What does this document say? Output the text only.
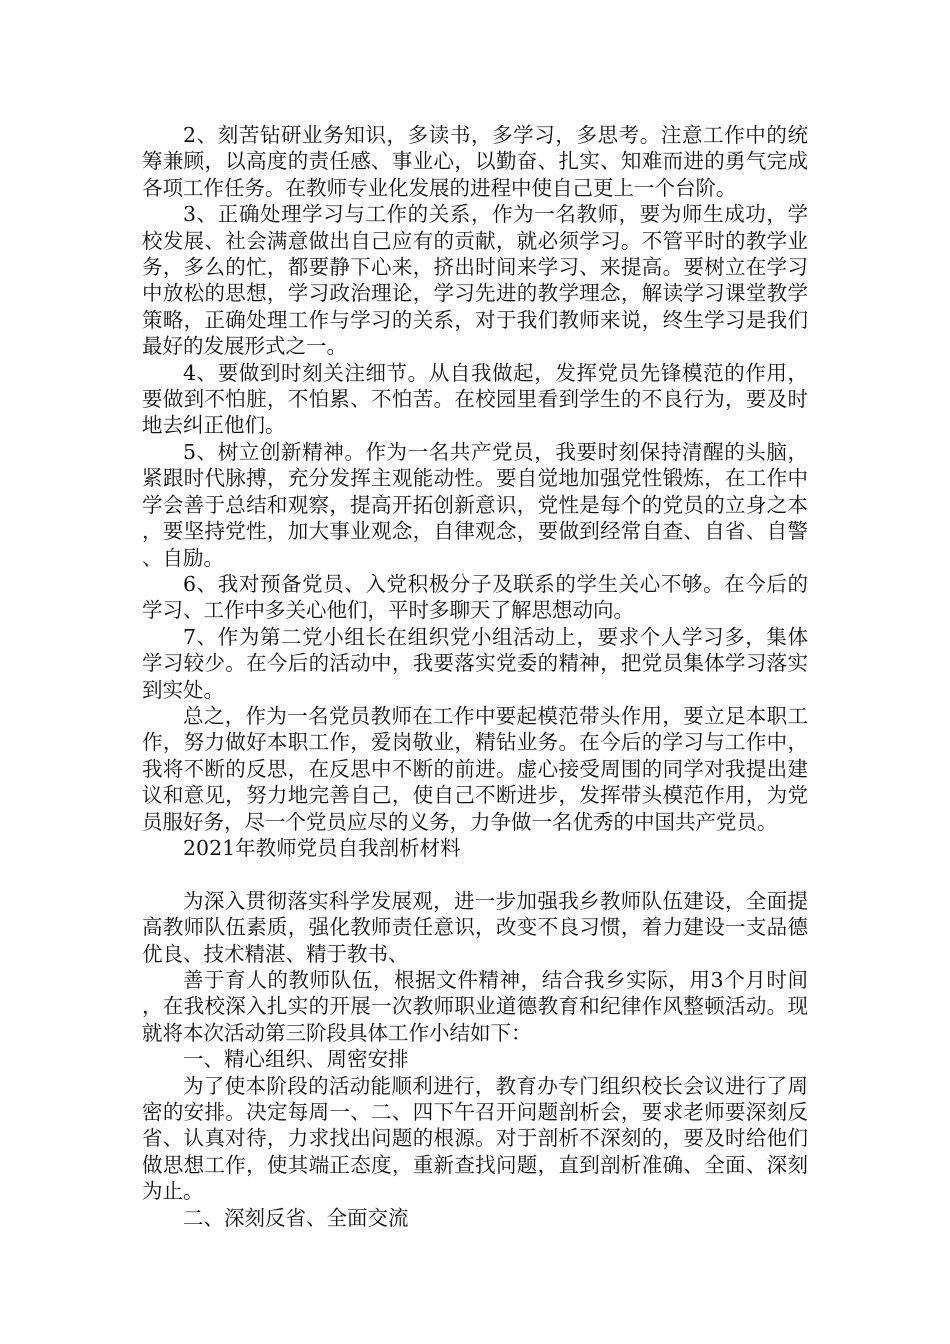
2、刻苦钻研业务知识，多读书，多学习，多思考。注意工作中的统筹兼顾，以高度的责任感、事业心，以勤奋、扎实、知难而进的勇气完成各项工作任务。在教师专业化发展的进程中使自己更上一个台阶。

3、正确处理学习与工作的关系，作为一名教师，要为师生成功，学校发展、社会满意做出自己应有的贡献，就必须学习。不管平时的教学业务，多么的忙，都要静下心来，挤出时间来学习、来提高。要树立在学习中放松的思想，学习政治理论，学习先进的教学理念，解读学习课堂教学策略，正确处理工作与学习的关系，对于我们教师来说，终生学习是我们最好的发展形式之一。

4、要做到时刻关注细节。从自我做起，发挥党员先锋模范的作用，要做到不怕脏，不怕累、不怕苦。在校园里看到学生的不良行为，要及时地去纠正他们。

5、树立创新精神。作为一名共产党员，我要时刻保持清醒的头脑，紧跟时代脉搏，充分发挥主观能动性。要自觉地加强党性锻炼，在工作中学会善于总结和观察，提高开拓创新意识，党性是每个的党员的立身之本，要坚持党性，加大事业观念，自律观念，要做到经常自查、自省、自警、自励。

6、我对预备党员、入党积极分子及联系的学生关心不够。在今后的学习、工作中多关心他们，平时多聊天了解思想动向。

7、作为第二党小组长在组织党小组活动上，要求个人学习多，集体学习较少。在今后的活动中，我要落实党委的精神，把党员集体学习落实到实处。

总之，作为一名党员教师在工作中要起模范带头作用，要立足本职工作，努力做好本职工作，爱岗敬业，精钻业务。在今后的学习与工作中，我将不断的反思，在反思中不断的前进。虚心接受周围的同学对我提出建议和意见，努力地完善自己，使自己不断进步，发挥带头模范作用，为党员服好务，尽一个党员应尽的义务，力争做一名优秀的中国共产党员。

2021年教师党员自我剖析材料

为深入贯彻落实科学发展观，进一步加强我乡教师队伍建设，全面提高教师队伍素质，强化教师责任意识，改变不良习惯，着力建设一支品德优良、技术精湛、精于教书、

善于育人的教师队伍，根据文件精神，结合我乡实际，用3个月时间，在我校深入扎实的开展一次教师职业道德教育和纪律作风整顿活动。现就将本次活动第三阶段具体工作小结如下：

一、精心组织、周密安排

为了使本阶段的活动能顺利进行，教育办专门组织校长会议进行了周密的安排。决定每周一、二、四下午召开问题剖析会，要求老师要深刻反省、认真对待，力求找出问题的根源。对于剖析不深刻的，要及时给他们做思想工作，使其端正态度，重新查找问题，直到剖析准确、全面、深刻为止。

二、深刻反省、全面交流
